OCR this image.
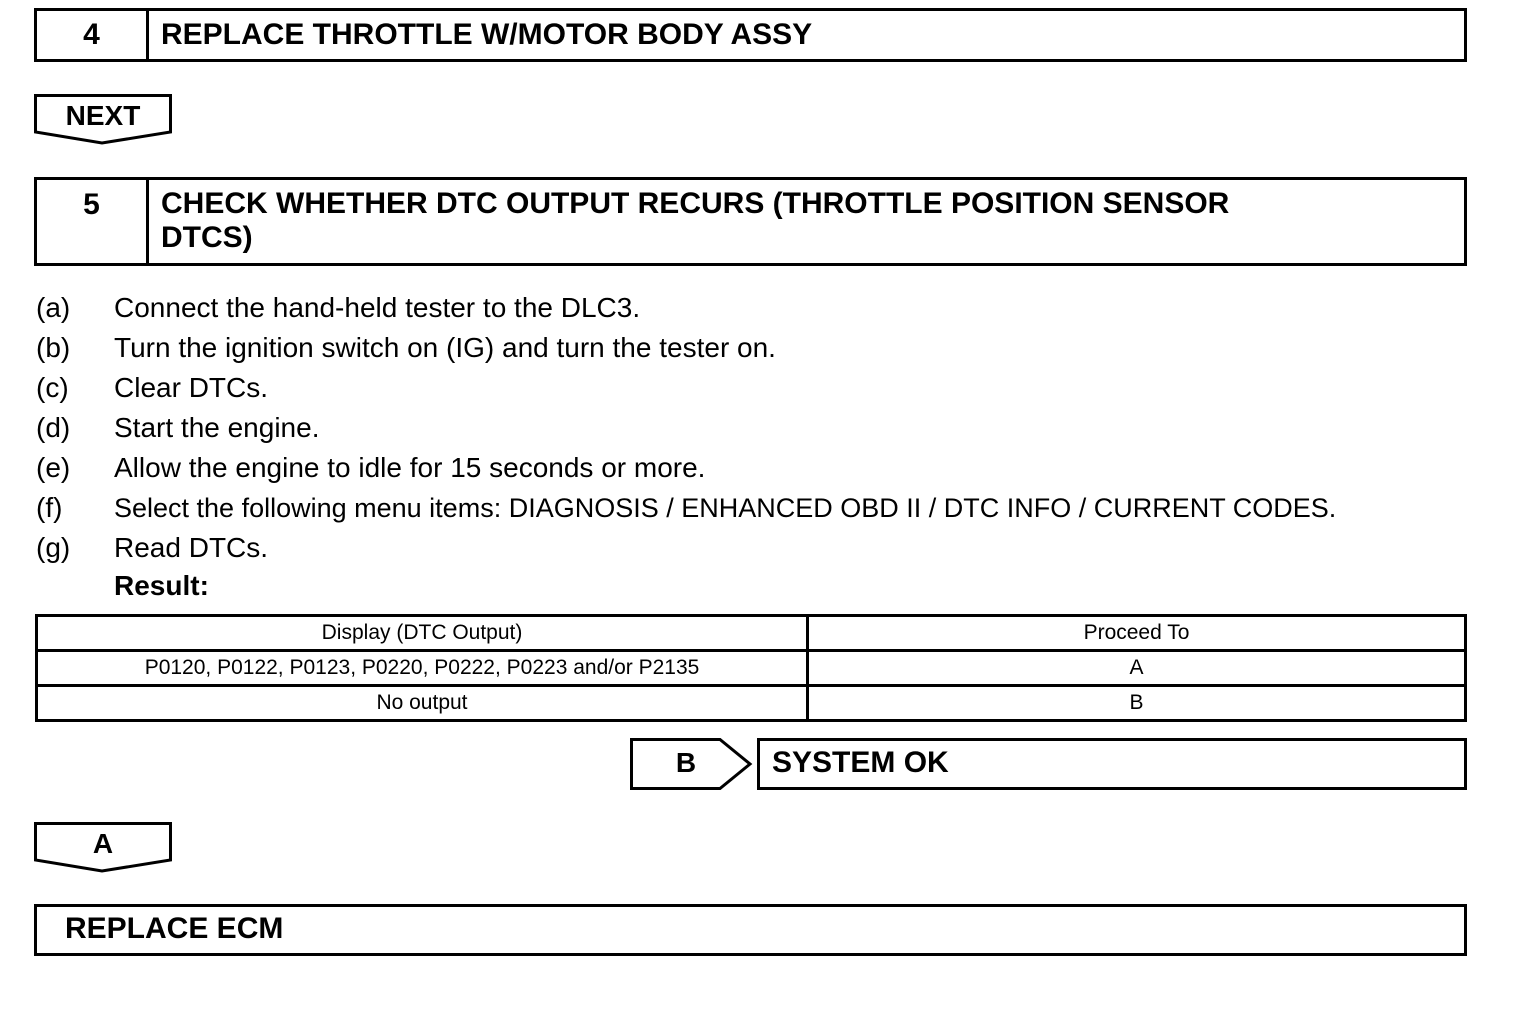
4	REPLACE THROTTLE W/MOTOR BODY ASSY
NEXT
5	CHECK WHETHER DTC OUTPUT RECURS (THROTTLE POSITION SENSOR
DTCS)
(a)	Connect the hand-held tester to the DLC3.
(b)	Turn the ignition switch on (IG) and turn the tester on.
(c)	Clear DTCs.
(d)	Start the engine.
(e)	Allow the engine to idle for 15 seconds or more.
(f)	Select the following menu items: DIAGNOSIS / ENHANCED OBD II / DTC INFO / CURRENT CODES.
(g)	Read DTCs.
Result:
Display (DTC Output)	Proceed To
P0120, P0122, P0123, P0220, P0222, P0223 and/or P2135	A
No output	B
B	SYSTEM OK
A
REPLACE ECM
